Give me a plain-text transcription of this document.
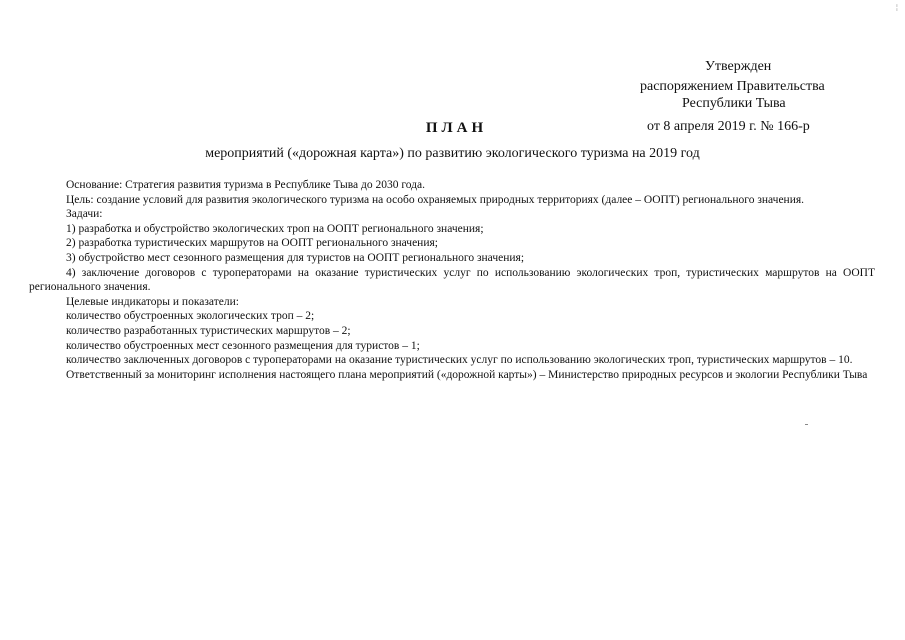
╎
Утвержден
распоряжением Правительства
Республики Тыва
от 8 апреля 2019 г. № 166-р
ПЛАН
мероприятий («дорожная карта») по развитию экологического туризма на 2019 год

Основание: Стратегия развития туризма в Республике Тыва до 2030 года.

Цель: создание условий для развития экологического туризма на особо охраняемых природных территориях (далее – ООПТ) регионального значения.

Задачи:

1) разработка и обустройство экологических троп на ООПТ регионального значения;

2) разработка туристических маршрутов на ООПТ регионального значения;

3) обустройство мест сезонного размещения для туристов на ООПТ регионального значения;

4) заключение договоров с туроператорами на оказание туристических услуг по использованию экологических троп, туристических маршрутов на ООПТ регионального значения.

Целевые индикаторы и показатели:

количество обустроенных экологических троп – 2;

количество разработанных туристических маршрутов – 2;

количество обустроенных мест сезонного размещения для туристов – 1;

количество заключенных договоров с туроператорами на оказание туристических услуг по использованию экологических троп, туристических маршрутов – 10.

Ответственный за мониторинг исполнения настоящего плана мероприятий («дорожной карты») – Министерство природных ресурсов и экологии Республики Тыва
